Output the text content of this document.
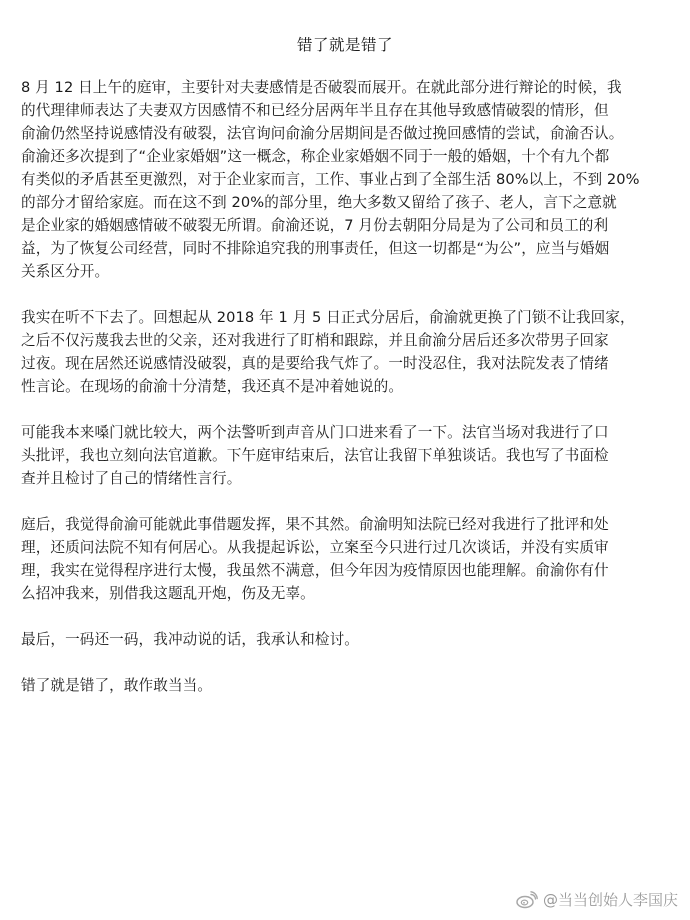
错了就是错了

8 月 12 日上午的庭审，主要针对夫妻感情是否破裂而展开。在就此部分进行辩论的时候，我
的代理律师表达了夫妻双方因感情不和已经分居两年半且存在其他导致感情破裂的情形，但
俞渝仍然坚持说感情没有破裂，法官询问俞渝分居期间是否做过挽回感情的尝试，俞渝否认。
俞渝还多次提到了“企业家婚姻”这一概念，称企业家婚姻不同于一般的婚姻，十个有九个都
有类似的矛盾甚至更激烈，对于企业家而言，工作、事业占到了全部生活 80%以上，不到 20%
的部分才留给家庭。而在这不到 20%的部分里，绝大多数又留给了孩子、老人，言下之意就
是企业家的婚姻感情破不破裂无所谓。俞渝还说，7 月份去朝阳分局是为了公司和员工的利
益，为了恢复公司经营，同时不排除追究我的刑事责任，但这一切都是“为公”，应当与婚姻
关系区分开。

我实在听不下去了。回想起从 2018 年 1 月 5 日正式分居后，俞渝就更换了门锁不让我回家，
之后不仅污蔑我去世的父亲，还对我进行了盯梢和跟踪，并且俞渝分居后还多次带男子回家
过夜。现在居然还说感情没破裂，真的是要给我气炸了。一时没忍住，我对法院发表了情绪
性言论。在现场的俞渝十分清楚，我还真不是冲着她说的。

可能我本来嗓门就比较大，两个法警听到声音从门口进来看了一下。法官当场对我进行了口
头批评，我也立刻向法官道歉。下午庭审结束后，法官让我留下单独谈话。我也写了书面检
查并且检讨了自己的情绪性言行。

庭后，我觉得俞渝可能就此事借题发挥，果不其然。俞渝明知法院已经对我进行了批评和处
理，还质问法院不知有何居心。从我提起诉讼，立案至今只进行过几次谈话，并没有实质审
理，我实在觉得程序进行太慢，我虽然不满意，但今年因为疫情原因也能理解。俞渝你有什
么招冲我来，别借我这题乱开炮，伤及无辜。

最后，一码还一码，我冲动说的话，我承认和检讨。

错了就是错了，敢作敢当当。

@当当创始人李国庆
